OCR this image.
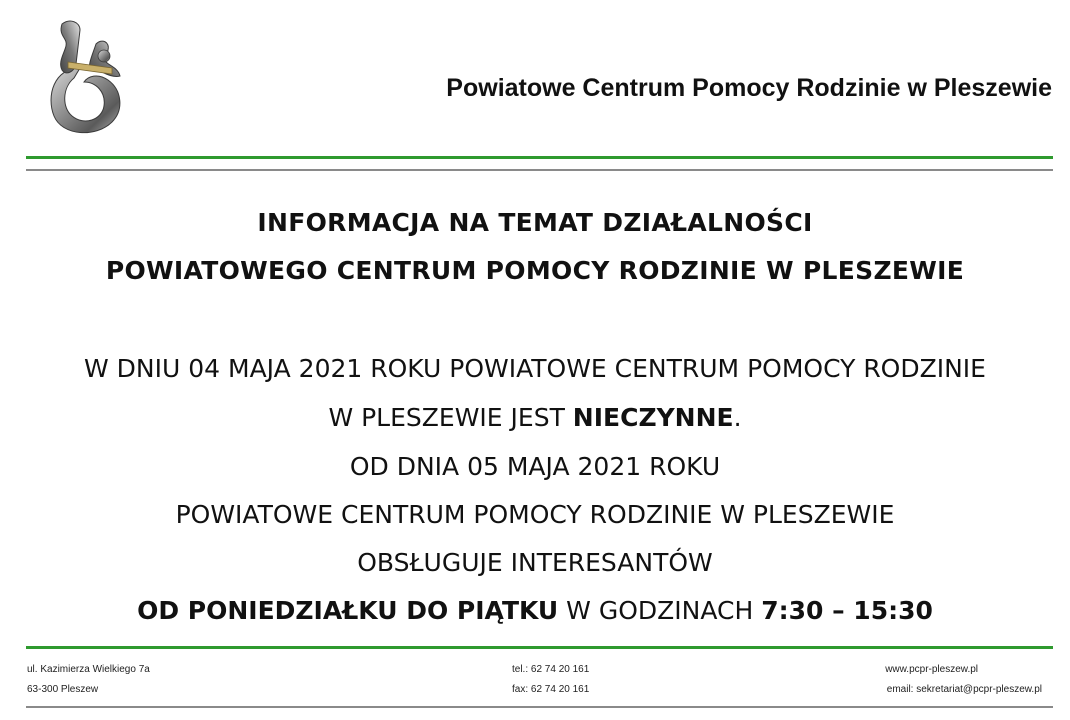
Powiatowe Centrum Pomocy Rodzinie w Pleszewie
INFORMACJA NA TEMAT DZIAŁALNOŚCI
POWIATOWEGO CENTRUM POMOCY RODZINIE W PLESZEWIE
W DNIU 04 MAJA 2021 ROKU POWIATOWE CENTRUM POMOCY RODZINIE
W PLESZEWIE JEST NIECZYNNE.
OD DNIA 05 MAJA 2021 ROKU
POWIATOWE CENTRUM POMOCY RODZINIE W PLESZEWIE
OBSŁUGUJE INTERESANTÓW
OD PONIEDZIAŁKU DO PIĄTKU W GODZINACH 7:30 – 15:30
ul. Kazimierza Wielkiego 7a
63-300 Pleszew
tel.: 62 74 20 161
fax: 62 74 20 161
www.pcpr-pleszew.pl
email: sekretariat@pcpr-pleszew.pl
